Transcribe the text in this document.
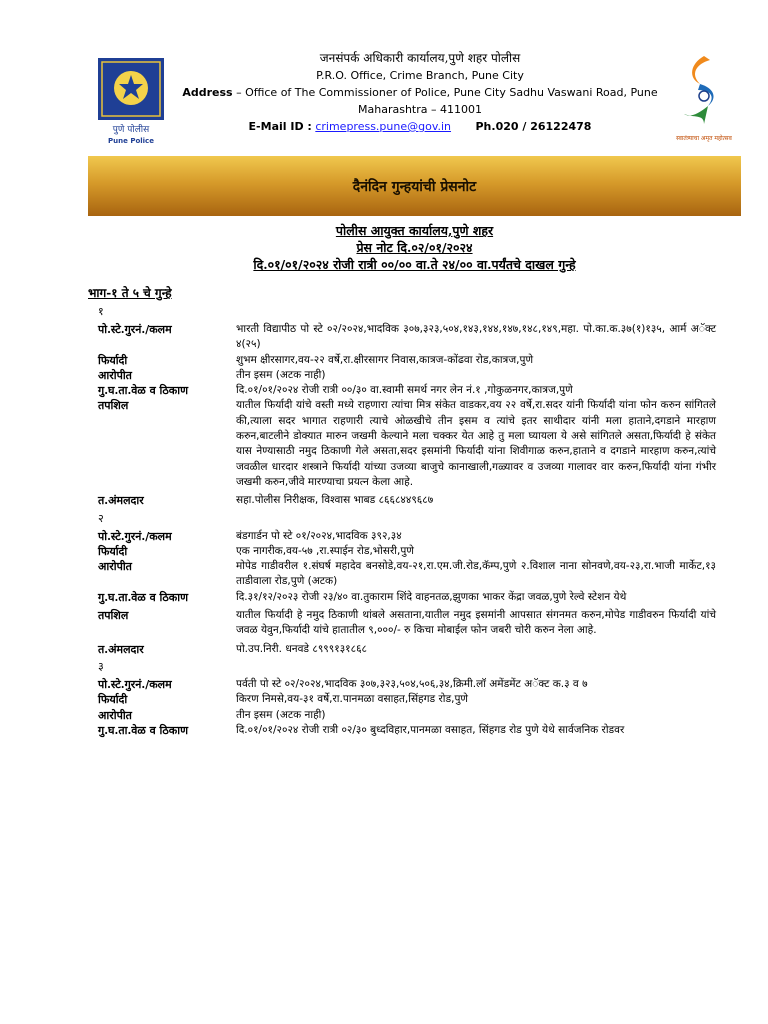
पुणे पोलीस
Pune Police
जनसंपर्क अधिकारी कार्यालय,पुणे शहर पोलीस
P.R.O. Office, Crime Branch, Pune City
Address – Office of The Commissioner of Police, Pune City Sadhu Vaswani Road, Pune
Maharashtra – 411001
E-Mail ID : crimepress.pune@gov.in Ph.020 / 26122478
स्वातंत्र्याचा अमृत महोत्सव
दैनंदिन गुन्हयांची प्रेसनोट
पोलीस आयुक्त कार्यालय,पुणे शहर
प्रेस नोट दि.०२/०१/२०२४
दि.०१/०१/२०२४ रोजी रात्री ००/०० वा.ते २४/०० वा.पर्यंतचे दाखल गुन्हे
भाग-१ ते ५ चे गुन्हे
१
पो.स्टे.गुरनं./कलम	भारती विद्यापीठ पो स्टे ०२/२०२४,भादविक ३०७,३२३,५०४,१४३,१४४,१४७,१४८,१४९,महा. पो.का.क.३७(१)१३५, आर्म अॅक्ट ४(२५)
फिर्यादी	शुभम क्षीरसागर,वय-२२ वर्षे,रा.क्षीरसागर निवास,कात्रज-कोंढवा रोड,कात्रज,पुणे
आरोपीत	तीन इसम (अटक नाही)
गु.घ.ता.वेळ व ठिकाण	दि.०१/०१/२०२४ रोजी रात्री ००/३० वा.स्वामी समर्थ नगर लेन नं.१ ,गोकुळनगर,कात्रज,पुणे
तपशिल	यातील फिर्यादी यांचे वस्ती मध्ये राहणारा त्यांचा मित्र संकेत वाडकर,वय २२ वर्षे,रा.सदर यांनी फिर्यादी यांना फोन करुन सांगितले की,त्याला सदर भागात राहणारी त्याचे ओळखीचे तीन इसम व त्यांचे इतर साथीदार यांनी मला हाताने,दगडाने मारहाण करुन,बाटलीने डोक्यात मारुन जखमी केल्याने मला चक्कर येत आहे तु मला घ्यायला ये असे सांगितले असता,फिर्यादी हे संकेत यास नेण्यासाठी नमुद ठिकाणी गेले असता,सदर इसमांनी फिर्यादी यांना शिवीगाळ करुन,हाताने व दगडाने मारहाण करुन,त्यांचे जवळील धारदार शस्त्राने फिर्यादी यांच्या उजव्या बाजुचे कानाखाली,गळ्यावर व उजव्या गालावर वार करुन,फिर्यादी यांना गंभीर जखमी करुन,जीवे मारण्याचा प्रयत्न केला आहे.
त.अंमलदार	सहा.पोलीस निरीक्षक, विश्वास भाबड ८६६८४४९६८७
२
पो.स्टे.गुरनं./कलम	बंडगार्डन पो स्टे ०१/२०२४,भादविक ३९२,३४
फिर्यादी	एक नागरीक,वय-५७ ,रा.स्पाईन रोड,भोसरी,पुणे
आरोपीत	मोपेड गाडीवरील १.संघर्ष महादेव बनसोडे,वय-२१,रा.एम.जी.रोड,कॅम्प,पुणे २.विशाल नाना सोनवणे,वय-२३,रा.भाजी मार्केट,१३ ताडीवाला रोड,पुणे (अटक)
गु.घ.ता.वेळ व ठिकाण	दि.३१/१२/२०२३ रोजी २३/४० वा.तुकाराम शिंदे वाहनतळ,झुणका भाकर केंद्रा जवळ,पुणे रेल्वे स्टेशन येथे
तपशिल	यातील फिर्यादी हे नमुद ठिकाणी थांबले असताना,यातील नमुद इसमांनी आपसात संगनमत करुन,मोपेड गाडीवरुन फिर्यादी यांचे जवळ येवुन,फिर्यादी यांचे हातातील ९,०००/- रु किचा मोबाईल फोन जबरी चोरी करुन नेला आहे.
त.अंमलदार	पो.उप.निरी. धनवडे ८९९९१३१८६८
३
पो.स्टे.गुरनं./कलम	पर्वती पो स्टे ०२/२०२४,भादविक ३०७,३२३,५०४,५०६,३४,क्रिमी.लॉ अमेंडमेंट अॅक्ट क.३ व ७
फिर्यादी	किरण निमसे,वय-३१ वर्षे,रा.पानमळा वसाहत,सिंहगड रोड,पुणे
आरोपीत	तीन इसम (अटक नाही)
गु.घ.ता.वेळ व ठिकाण	दि.०१/०१/२०२४ रोजी रात्री ०२/३० बुध्दविहार,पानमळा वसाहत, सिंहगड रोड पुणे येथे सार्वजनिक रोडवर
